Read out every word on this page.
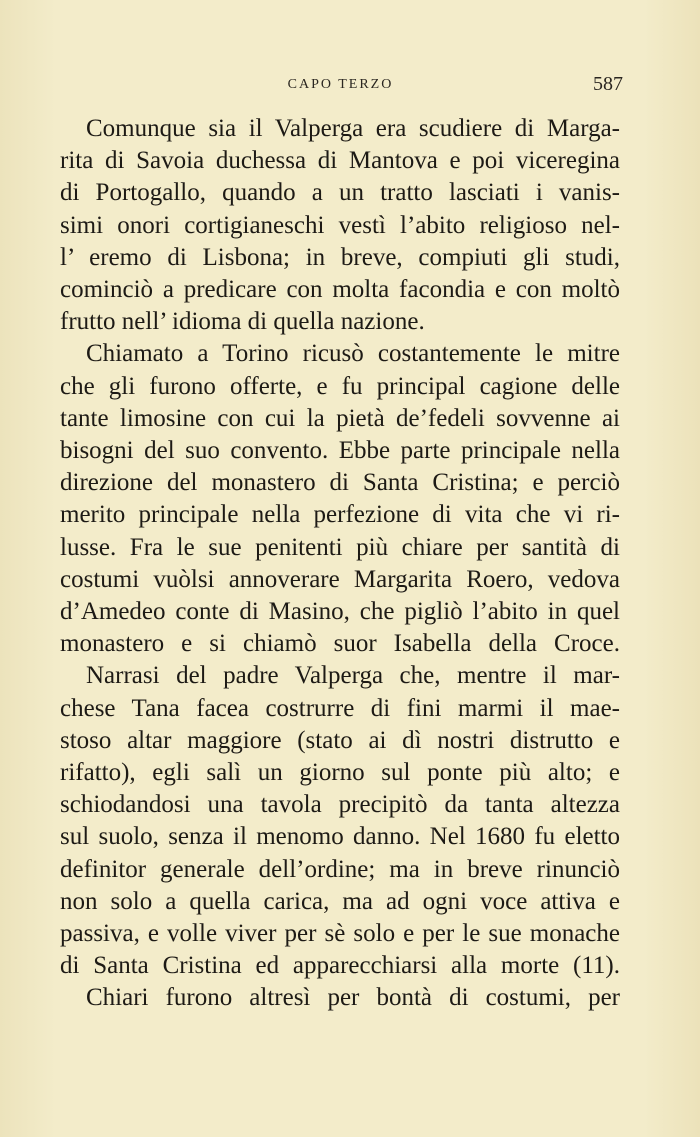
CAPO TERZO	587
Comunque sia il Valperga era scudiere di Marga-
rita di Savoia duchessa di Mantova e poi viceregina
di Portogallo, quando a un tratto lasciati i vanis-
simi onori cortigianeschi vestì l’abito religioso nel-
l’ eremo di Lisbona; in breve, compiuti gli studi,
cominciò a predicare con molta facondia e con moltò
frutto nell’ idioma di quella nazione.
Chiamato a Torino ricusò costantemente le mitre
che gli furono offerte, e fu principal cagione delle
tante limosine con cui la pietà de’fedeli sovvenne ai
bisogni del suo convento. Ebbe parte principale nella
direzione del monastero di Santa Cristina; e perciò
merito principale nella perfezione di vita che vi ri-
lusse. Fra le sue penitenti più chiare per santità di
costumi vuòlsi annoverare Margarita Roero, vedova
d’Amedeo conte di Masino, che pigliò l’abito in quel
monastero e si chiamò suor Isabella della Croce.
Narrasi del padre Valperga che, mentre il mar-
chese Tana facea costrurre di fini marmi il mae-
stoso altar maggiore (stato ai dì nostri distrutto e
rifatto), egli salì un giorno sul ponte più alto; e
schiodandosi una tavola precipitò da tanta altezza
sul suolo, senza il menomo danno. Nel 1680 fu eletto
definitor generale dell’ordine; ma in breve rinunciò
non solo a quella carica, ma ad ogni voce attiva e
passiva, e volle viver per sè solo e per le sue monache
di Santa Cristina ed apparecchiarsi alla morte (11).
Chiari furono altresì per bontà di costumi, per
